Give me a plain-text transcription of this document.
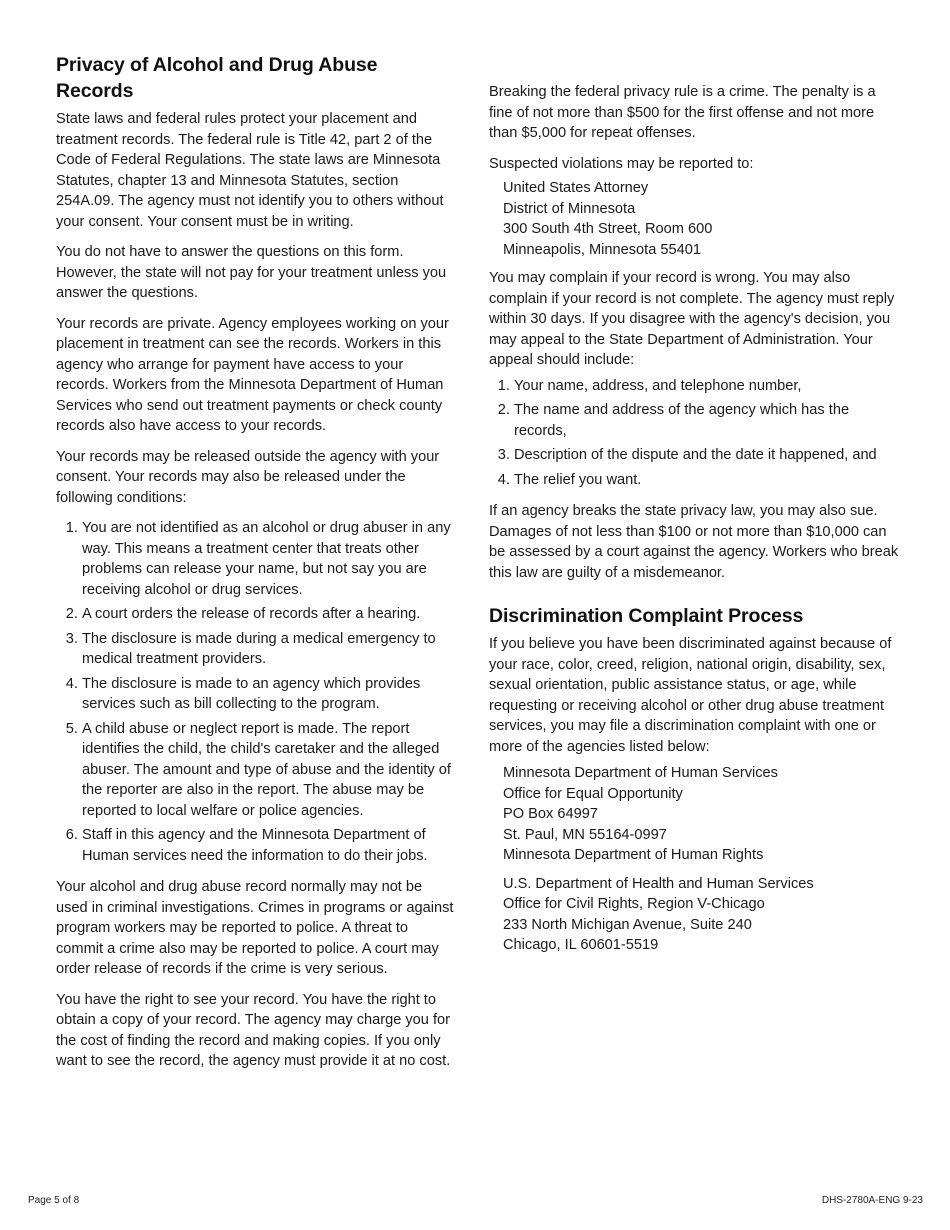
Privacy of Alcohol and Drug Abuse Records

State laws and federal rules protect your placement and treatment records. The federal rule is Title 42, part 2 of the Code of Federal Regulations. The state laws are Minnesota Statutes, chapter 13 and Minnesota Statutes, section 254A.09. The agency must not identify you to others without your consent. Your consent must be in writing.

You do not have to answer the questions on this form. However, the state will not pay for your treatment unless you answer the questions.

Your records are private. Agency employees working on your placement in treatment can see the records. Workers in this agency who arrange for payment have access to your records. Workers from the Minnesota Department of Human Services who send out treatment payments or check county records also have access to your records.

Your records may be released outside the agency with your consent. Your records may also be released under the following conditions:

1. You are not identified as an alcohol or drug abuser in any way. This means a treatment center that treats other problems can release your name, but not say you are receiving alcohol or drug services.
2. A court orders the release of records after a hearing.
3. The disclosure is made during a medical emergency to medical treatment providers.
4. The disclosure is made to an agency which provides services such as bill collecting to the program.
5. A child abuse or neglect report is made. The report identifies the child, the child's caretaker and the alleged abuser. The amount and type of abuse and the identity of the reporter are also in the report. The abuse may be reported to local welfare or police agencies.
6. Staff in this agency and the Minnesota Department of Human services need the information to do their jobs.

Your alcohol and drug abuse record normally may not be used in criminal investigations. Crimes in programs or against program workers may be reported to police. A threat to commit a crime also may be reported to police. A court may order release of records if the crime is very serious.

You have the right to see your record. You have the right to obtain a copy of your record. The agency may charge you for the cost of finding the record and making copies. If you only want to see the record, the agency must provide it at no cost.

Breaking the federal privacy rule is a crime. The penalty is a fine of not more than $500 for the first offense and not more than $5,000 for repeat offenses.

Suspected violations may be reported to:

United States Attorney
District of Minnesota
300 South 4th Street, Room 600
Minneapolis, Minnesota 55401

You may complain if your record is wrong. You may also complain if your record is not complete. The agency must reply within 30 days. If you disagree with the agency's decision, you may appeal to the State Department of Administration. Your appeal should include:

1. Your name, address, and telephone number,
2. The name and address of the agency which has the records,
3. Description of the dispute and the date it happened, and
4. The relief you want.

If an agency breaks the state privacy law, you may also sue. Damages of not less than $100 or not more than $10,000 can be assessed by a court against the agency. Workers who break this law are guilty of a misdemeanor.

Discrimination Complaint Process

If you believe you have been discriminated against because of your race, color, creed, religion, national origin, disability, sex, sexual orientation, public assistance status, or age, while requesting or receiving alcohol or other drug abuse treatment services, you may file a discrimination complaint with one or more of the agencies listed below:

Minnesota Department of Human Services
Office for Equal Opportunity
PO Box 64997
St. Paul, MN 55164-0997
Minnesota Department of Human Rights
U.S. Department of Health and Human Services
Office for Civil Rights, Region V-Chicago
233 North Michigan Avenue, Suite 240
Chicago, IL 60601-5519
Page 5 of 8	DHS-2780A-ENG 9-23
